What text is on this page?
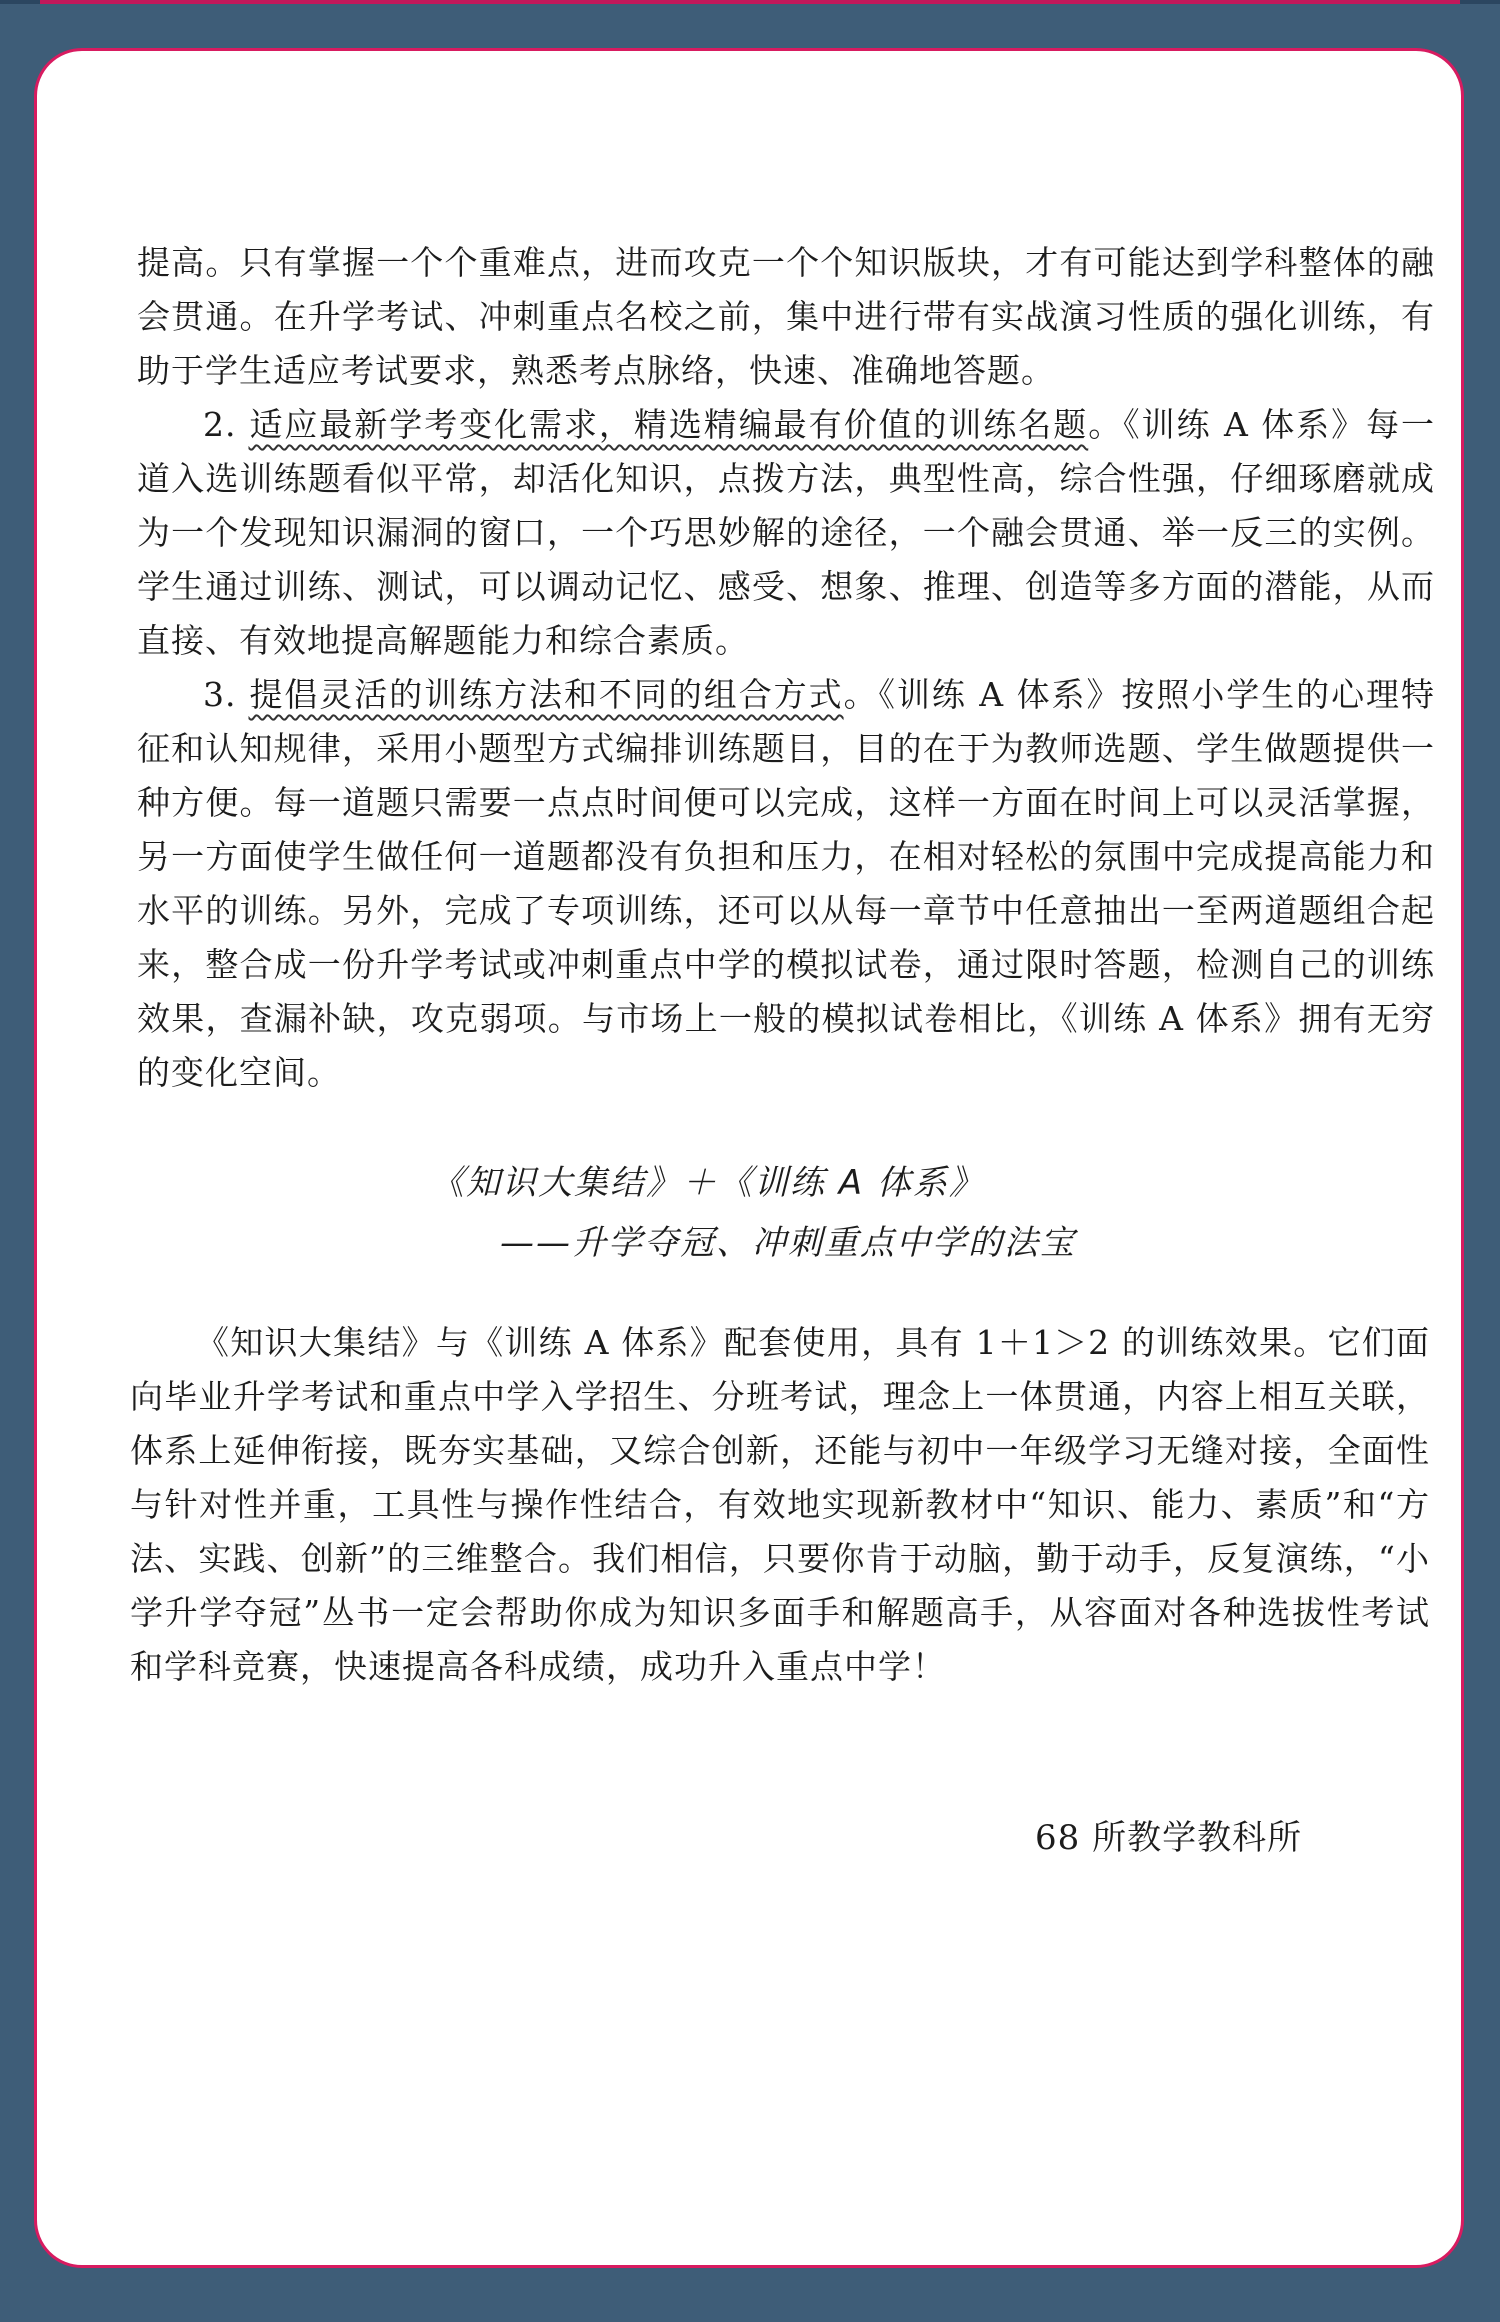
提高。只有掌握一个个重难点，进而攻克一个个知识版块，才有可能达到学科整体的融会贯通。在升学考试、冲刺重点名校之前，集中进行带有实战演习性质的强化训练，有助于学生适应考试要求，熟悉考点脉络，快速、准确地答题。

2. 适应最新学考变化需求，精选精编最有价值的训练名题。《训练 A 体系》每一道入选训练题看似平常，却活化知识，点拨方法，典型性高，综合性强，仔细琢磨就成为一个发现知识漏洞的窗口，一个巧思妙解的途径，一个融会贯通、举一反三的实例。学生通过训练、测试，可以调动记忆、感受、想象、推理、创造等多方面的潜能，从而直接、有效地提高解题能力和综合素质。

3. 提倡灵活的训练方法和不同的组合方式。《训练 A 体系》按照小学生的心理特征和认知规律，采用小题型方式编排训练题目，目的在于为教师选题、学生做题提供一种方便。每一道题只需要一点点时间便可以完成，这样一方面在时间上可以灵活掌握，另一方面使学生做任何一道题都没有负担和压力，在相对轻松的氛围中完成提高能力和水平的训练。另外，完成了专项训练，还可以从每一章节中任意抽出一至两道题组合起来，整合成一份升学考试或冲刺重点中学的模拟试卷，通过限时答题，检测自己的训练效果，查漏补缺，攻克弱项。与市场上一般的模拟试卷相比，《训练 A 体系》拥有无穷的变化空间。

《知识大集结》＋《训练 A 体系》
——升学夺冠、冲刺重点中学的法宝

《知识大集结》与《训练 A 体系》配套使用，具有 1＋1＞2 的训练效果。它们面向毕业升学考试和重点中学入学招生、分班考试，理念上一体贯通，内容上相互关联，体系上延伸衔接，既夯实基础，又综合创新，还能与初中一年级学习无缝对接，全面性与针对性并重，工具性与操作性结合，有效地实现新教材中“知识、能力、素质”和“方法、实践、创新”的三维整合。我们相信，只要你肯于动脑，勤于动手，反复演练，“小学升学夺冠”丛书一定会帮助你成为知识多面手和解题高手，从容面对各种选拔性考试和学科竞赛，快速提高各科成绩，成功升入重点中学！

68 所教学教科所
